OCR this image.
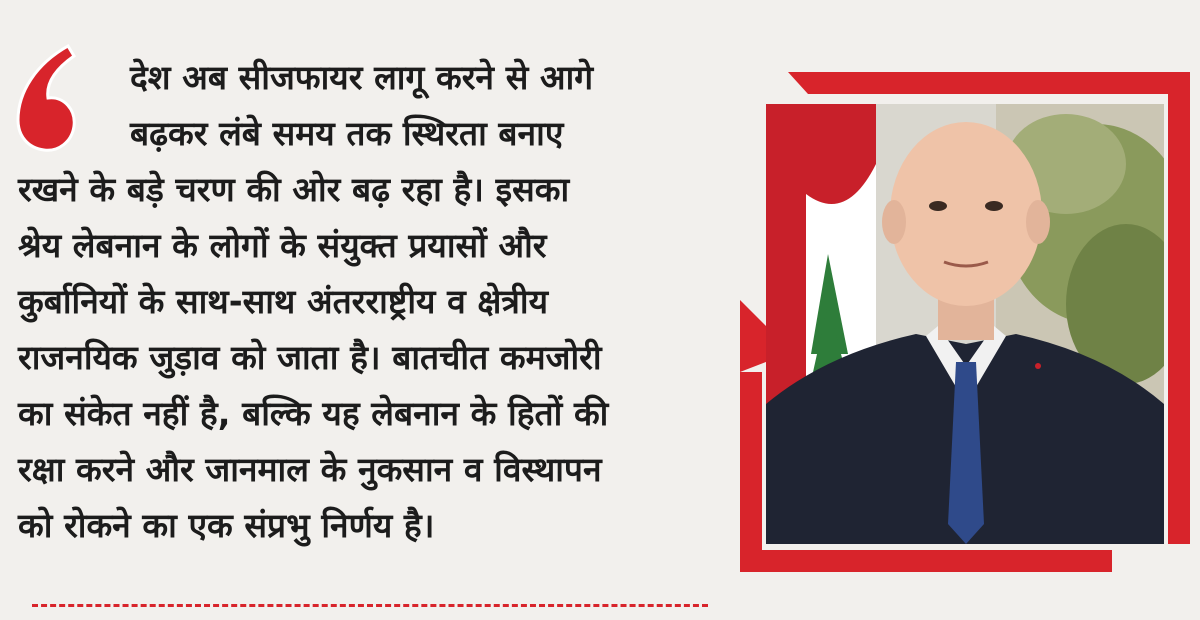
देश अब सीजफायर लागू करने से आगे
बढ़कर लंबे समय तक स्थिरता बनाए
रखने के बड़े चरण की ओर बढ़ रहा है। इसका
श्रेय लेबनान के लोगों के संयुक्त प्रयासों और
कुर्बानियों के साथ-साथ अंतरराष्ट्रीय व क्षेत्रीय
राजनयिक जुड़ाव को जाता है। बातचीत कमजोरी
का संकेत नहीं है, बल्कि यह लेबनान के हितों की
रक्षा करने और जानमाल के नुकसान व विस्थापन
को रोकने का एक संप्रभु निर्णय है।
